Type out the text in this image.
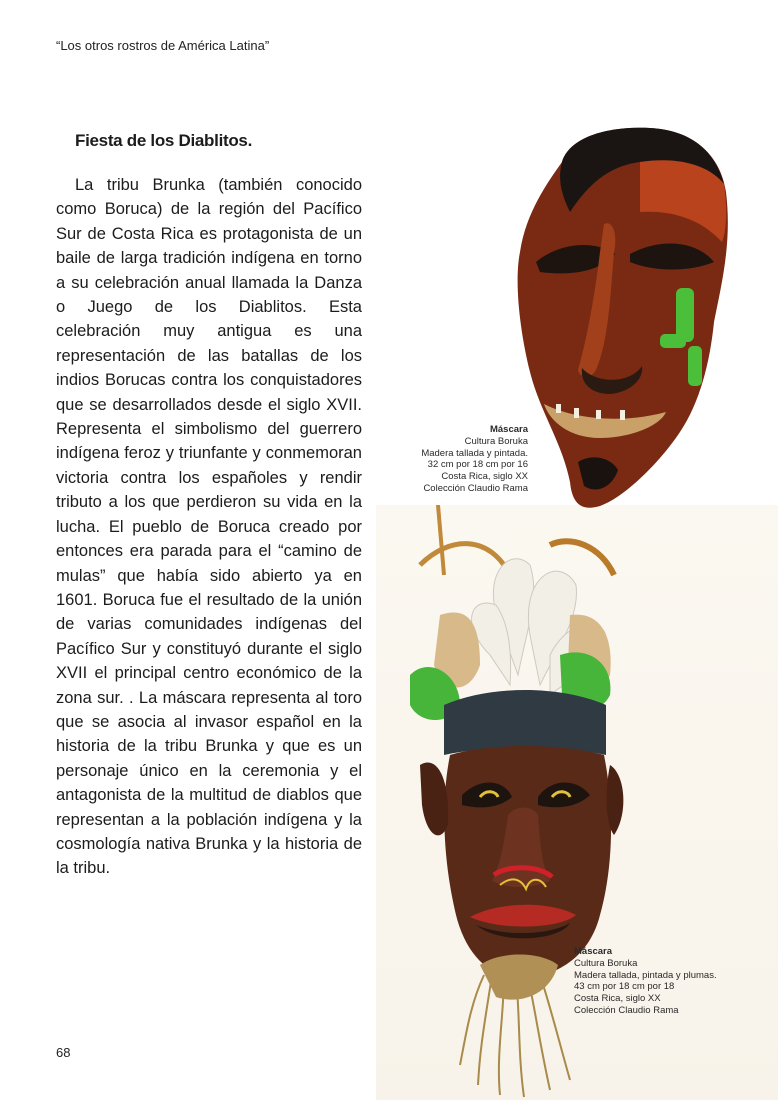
“Los otros rostros de América Latina”
Fiesta de los Diablitos.

La tribu Brunka (también conocido como Boruca) de la región del Pacífico Sur de Costa Rica es protagonista de un baile de larga tradición indígena en torno a su celebración anual llamada la Danza o Juego de los Diablitos. Esta celebración muy antigua es una representación de las batallas de los indios Borucas contra los conquistadores que se desarrollados desde el siglo XVII. Representa el simbolismo del guerrero indígena feroz y triunfante y conmemoran victoria contra los españoles y rendir tributo a los que perdieron su vida en la lucha. El pueblo de Boruca creado por entonces era parada para el “camino de mulas” que había sido abierto ya en 1601. Boruca fue el resultado de la unión de varias comunidades indígenas del Pacífico Sur y constituyó durante el siglo XVII el principal centro económico de la zona sur. . La máscara representa al toro que se asocia al invasor español en la historia de la tribu Brunka y que es un personaje único en la ceremonia y el antagonista de la multitud de diablos que representan a la población indígena y la cosmología nativa Brunka y la historia de la tribu.

Máscara
Cultura Boruka
Madera tallada y pintada.
32 cm por 18 cm por 16
Costa Rica, siglo XX
Colección Claudio Rama
Máscara
Cultura Boruka
Madera tallada, pintada y plumas.
43 cm por 18 cm por 18
Costa Rica, siglo XX
Colección Claudio Rama
68
